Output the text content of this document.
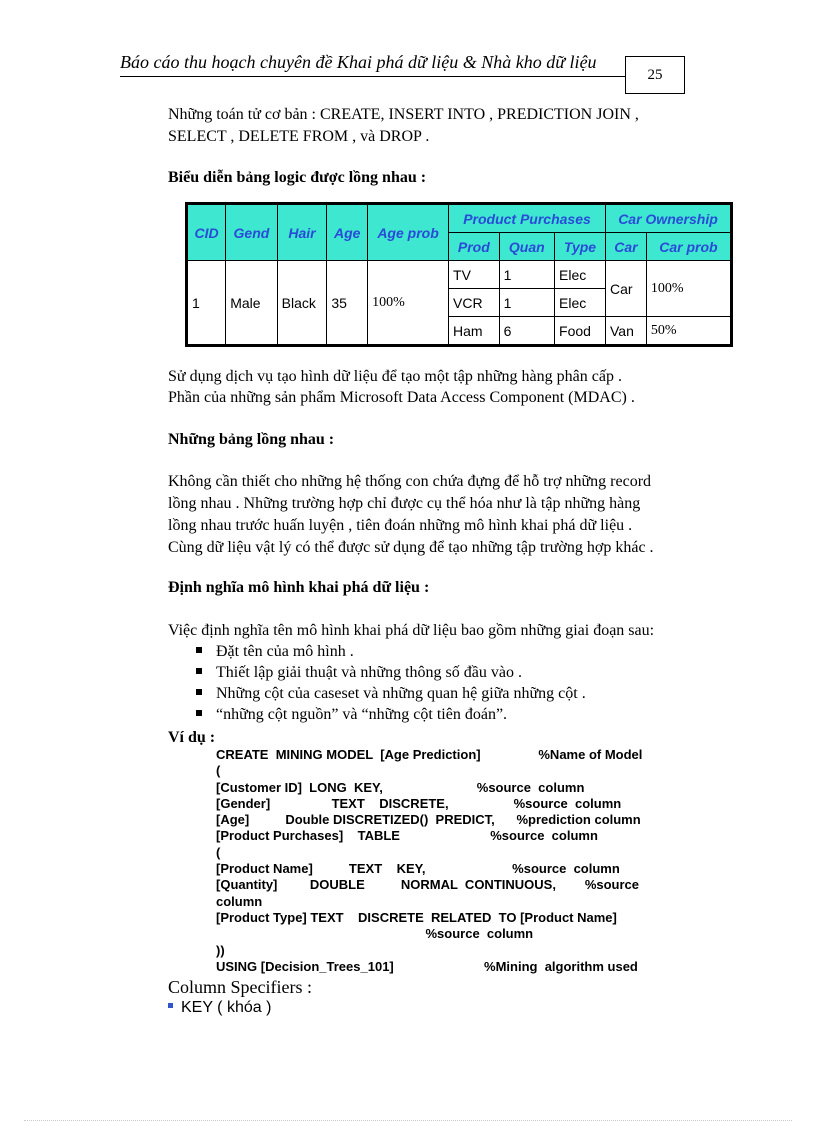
Báo cáo thu hoạch chuyên đề Khai phá dữ liệu & Nhà kho dữ liệu
25
Những toán tử cơ bản : CREATE, INSERT INTO , PREDICTION JOIN ,
SELECT , DELETE FROM , và DROP .
Biểu diễn bảng logic được lồng nhau :
CID	Gend	Hair	Age	Age prob	Product Purchases			Car Ownership	
					Prod	Quan	Type	Car	Car prob
1	Male	Black	35	100%	TV	1	Elec	Car	100%
					VCR	1	Elec		
					Ham	6	Food	Van	50%
Sử dụng dịch vụ tạo hình dữ liệu để tạo một tập những hàng phân cấp .
Phần của những sản phẩm Microsoft Data Access Component (MDAC) .
Những bảng lồng nhau :
Không cần thiết cho những hệ thống con chứa đựng để hỗ trợ những record
lồng nhau . Những trường hợp chỉ được cụ thể hóa như là tập những hàng
lồng nhau trước huấn luyện , tiên đoán những mô hình khai phá dữ liệu .
Cùng dữ liệu vật lý có thể được sử dụng để tạo những tập trường hợp khác .
Định nghĩa mô hình khai phá dữ liệu :
Việc định nghĩa tên mô hình khai phá dữ liệu bao gồm những giai đoạn sau:
Đặt tên của mô hình .
Thiết lập giải thuật và những thông số đầu vào .
Những cột của caseset và những quan hệ giữa những cột .
“những cột nguồn” và “những cột tiên đoán”.
Ví dụ :
CREATE  MINING MODEL  [Age Prediction]                %Name of Model
(
[Customer ID]  LONG  KEY,                          %source  column
[Gender]                 TEXT    DISCRETE,                  %source  column
[Age]          Double DISCRETIZED()  PREDICT,      %prediction column
[Product Purchases]    TABLE                         %source  column
(
[Product Name]          TEXT    KEY,                        %source  column
[Quantity]         DOUBLE          NORMAL  CONTINUOUS,        %source
column
[Product Type] TEXT    DISCRETE  RELATED  TO [Product Name]
%source  column
))
USING [Decision_Trees_101]                         %Mining  algorithm used
Column Specifiers :
KEY ( khóa )
